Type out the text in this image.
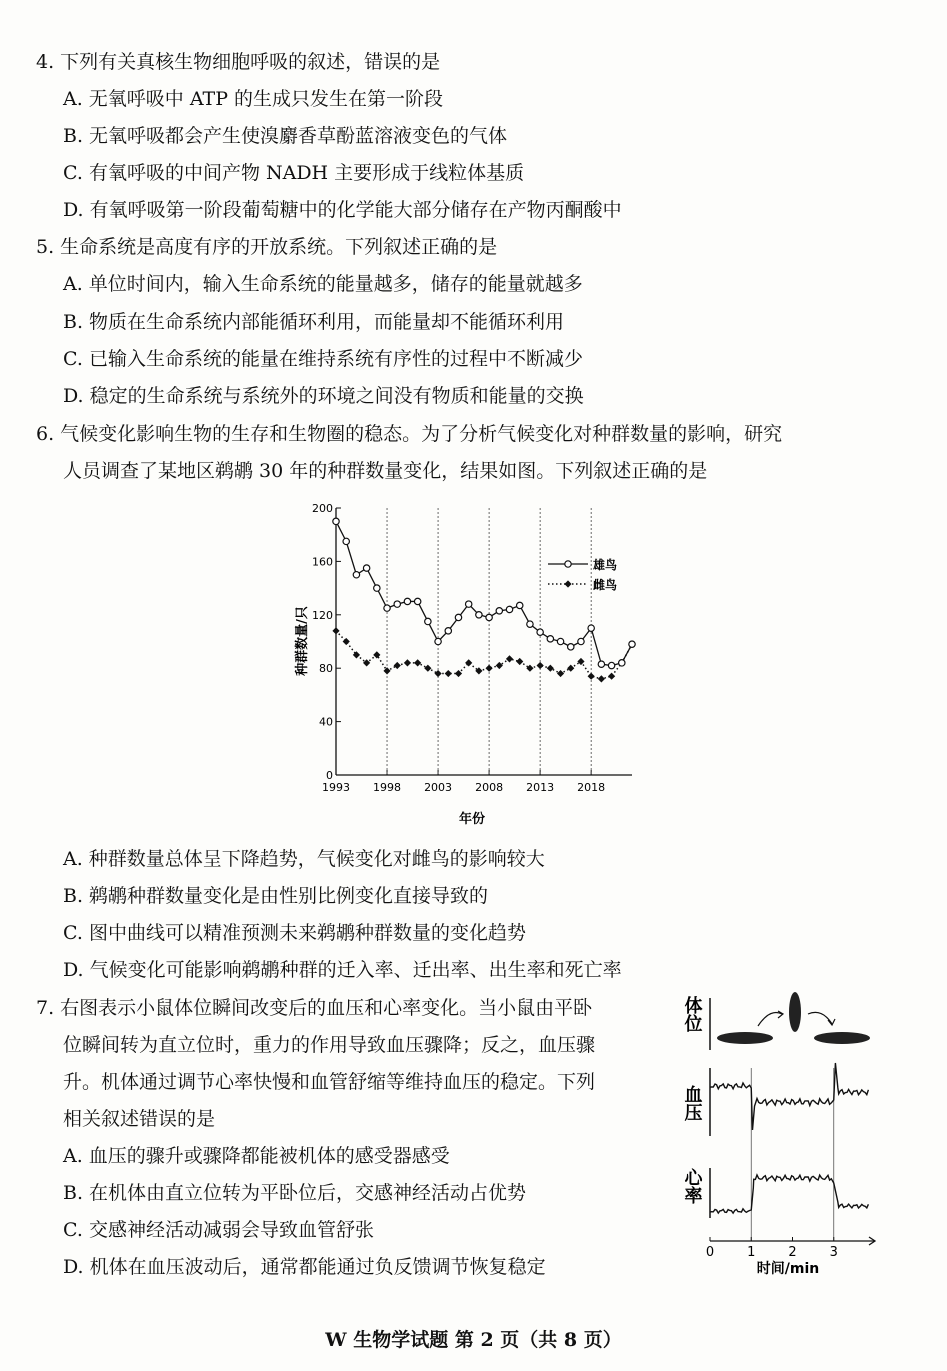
4. 下列有关真核生物细胞呼吸的叙述，错误的是
A. 无氧呼吸中 ATP 的生成只发生在第一阶段
B. 无氧呼吸都会产生使溴麝香草酚蓝溶液变色的气体
C. 有氧呼吸的中间产物 NADH 主要形成于线粒体基质
D. 有氧呼吸第一阶段葡萄糖中的化学能大部分储存在产物丙酮酸中
5. 生命系统是高度有序的开放系统。下列叙述正确的是
A. 单位时间内，输入生命系统的能量越多，储存的能量就越多
B. 物质在生命系统内部能循环利用，而能量却不能循环利用
C. 已输入生命系统的能量在维持系统有序性的过程中不断减少
D. 稳定的生命系统与系统外的环境之间没有物质和能量的交换
6. 气候变化影响生物的生存和生物圈的稳态。为了分析气候变化对种群数量的影响，研究
人员调查了某地区鹈鹕 30 年的种群数量变化，结果如图。下列叙述正确的是
0
40
80
120
160
200
1993 1998 2003 2008 2013 2018
年份
种群数量/只
雄鸟
雌鸟
A. 种群数量总体呈下降趋势，气候变化对雌鸟的影响较大
B. 鹈鹕种群数量变化是由性别比例变化直接导致的
C. 图中曲线可以精准预测未来鹈鹕种群数量的变化趋势
D. 气候变化可能影响鹈鹕种群的迁入率、迁出率、出生率和死亡率
7. 右图表示小鼠体位瞬间改变后的血压和心率变化。当小鼠由平卧
位瞬间转为直立位时，重力的作用导致血压骤降；反之，血压骤
升。机体通过调节心率快慢和血管舒缩等维持血压的稳定。下列
相关叙述错误的是
A. 血压的骤升或骤降都能被机体的感受器感受
B. 在机体由直立位转为平卧位后，交感神经活动占优势
C. 交感神经活动减弱会导致血管舒张
D. 机体在血压波动后，通常都能通过负反馈调节恢复稳定
体位
血压
心率
0	1	2	3
时间/min
W 生物学试题 第 2 页（共 8 页）
